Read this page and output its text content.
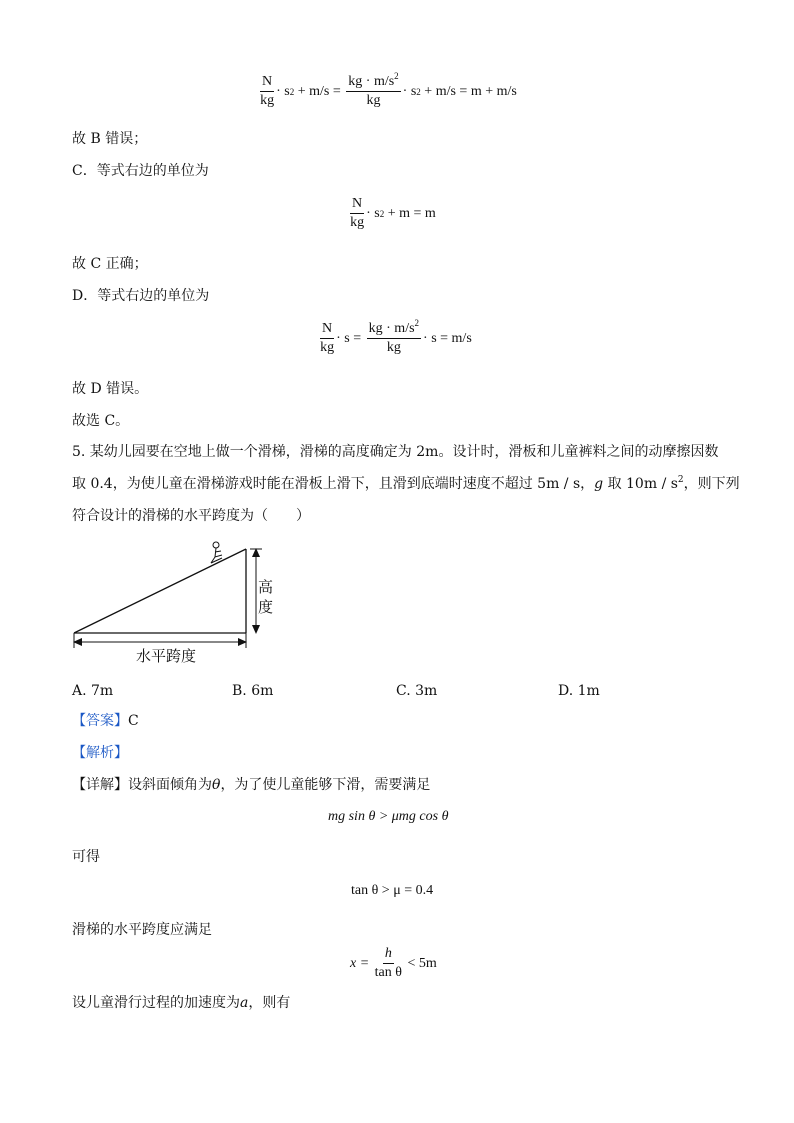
$\frac{N}{kg} \cdot s$ $2 + m/s = \frac{kg \cdot m/s^2}{kg} \cdot s$ 2 + m/s = m + m/s
故 B 错误；
C．等式右边的单位为
$\frac{N}{kg} \cdot s$ 2 + m = m
故 C 正确；
D．等式右边的单位为
$\frac{N}{kg} \cdot s = \frac{kg \cdot m/s^2}{kg} \cdot s = m/s$
故 D 错误。
故选 C。
5. 某幼儿园要在空地上做一个滑梯，滑梯的高度确定为 2m。设计时，滑板和儿童裤料之间的动摩擦因数
取 0.4，为使儿童在滑梯游戏时能在滑板上滑下，且滑到底端时速度不超过 5m / s，g 取 $10m / s^2$，则下列
符合设计的滑梯的水平跨度为（　　）
高
度
水平跨度
A. 7m	B. 6m	C. 3m	D. 1m
【答案】C
【解析】
【详解】设斜面倾角为θ，为了使儿童能够下滑，需要满足
mg sin θ > μmg cos θ
可得
tan θ > μ = 0.4
滑梯的水平跨度应满足
$x = \frac{h}{\text{tan θ}} < 5m$
设儿童滑行过程的加速度为a，则有
